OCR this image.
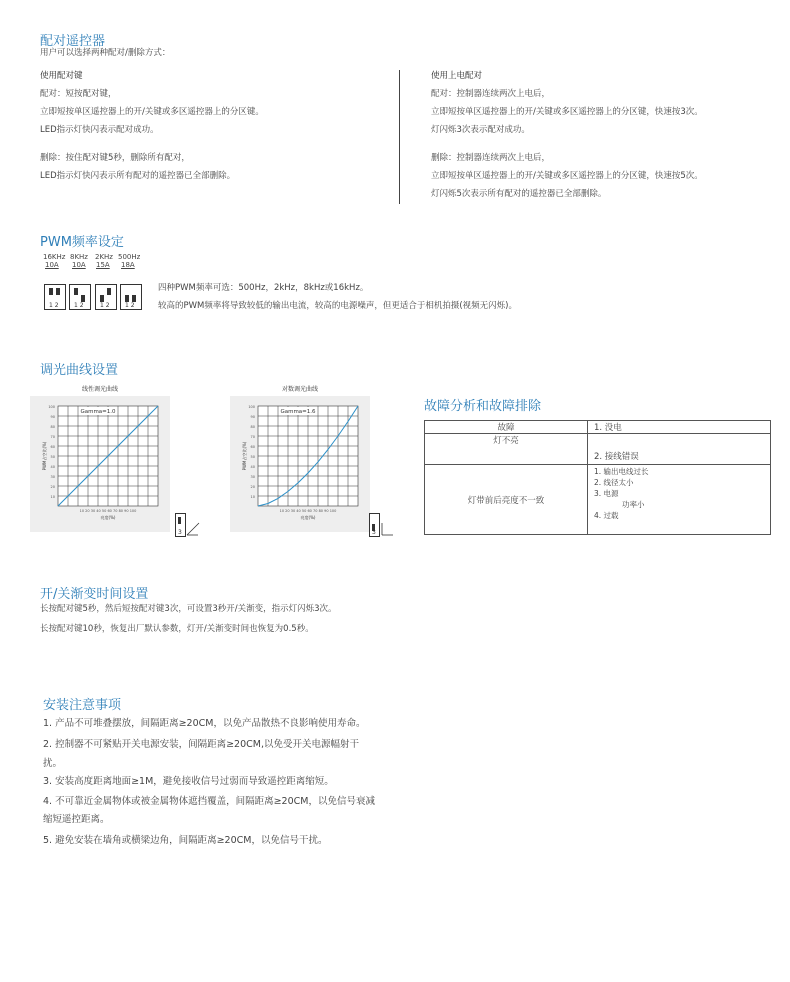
配对遥控器
用户可以选择两种配对/删除方式：
使用配对键
配对：短按配对键，
立即短按单区遥控器上的开/关键或多区遥控器上的分区键。
LED指示灯快闪表示配对成功。
删除：按住配对键5秒，删除所有配对，
LED指示灯快闪表示所有配对的遥控器已全部删除。
使用上电配对
配对：控制器连续两次上电后，
立即短按单区遥控器上的开/关键或多区遥控器上的分区键，快速按3次。
灯闪烁3次表示配对成功。
删除：控制器连续两次上电后，
立即短按单区遥控器上的开/关键或多区遥控器上的分区键，快速按5次。
灯闪烁5次表示所有配对的遥控器已全部删除。
PWM频率设定
16KHz
10A
8KHz
10A
2KHz
15A
500Hz
18A
1 2	1 2	1 2	1 2
四种PWM频率可选：500Hz，2kHz，8kHz或16kHz。
较高的PWM频率将导致较低的输出电流，较高的电源噪声，但更适合于相机拍摄(视频无闪烁)。
调光曲线设置
线性调光曲线
100
90
80
70
60
50
40
30
20
10
10 20 30 40 50 60 70 80 90 100
亮度(%)
PWM占空比(%)
Gamma=1.0
对数调光曲线
100
90
80
70
60
50
40
30
20
10
10 20 30 40 50 60 70 80 90 100
亮度(%)
PWM占空比(%)
Gamma=1.6
3	3
故障分析和故障排除
故障	1. 没电
灯不亮	2. 接线错误
灯带前后亮度不一致	1. 输出电线过长
2. 线径太小
3. 电源
功率小
4. 过载
开/关渐变时间设置
长按配对键5秒，然后短按配对键3次，可设置3秒开/关渐变，指示灯闪烁3次。
长按配对键10秒，恢复出厂默认参数，灯开/关渐变时间也恢复为0.5秒。
安装注意事项
1. 产品不可堆叠摆放，间隔距离≥20CM，以免产品散热不良影响使用寿命。
2. 控制器不可紧贴开关电源安装，间隔距离≥20CM,以免受开关电源幅射干
扰。
3. 安装高度距离地面≥1M，避免接收信号过弱而导致遥控距离缩短。
4. 不可靠近金属物体或被金属物体遮挡覆盖，间隔距离≥20CM，以免信号衰减
缩短遥控距离。
5. 避免安装在墙角或横梁边角，间隔距离≥20CM，以免信号干扰。
